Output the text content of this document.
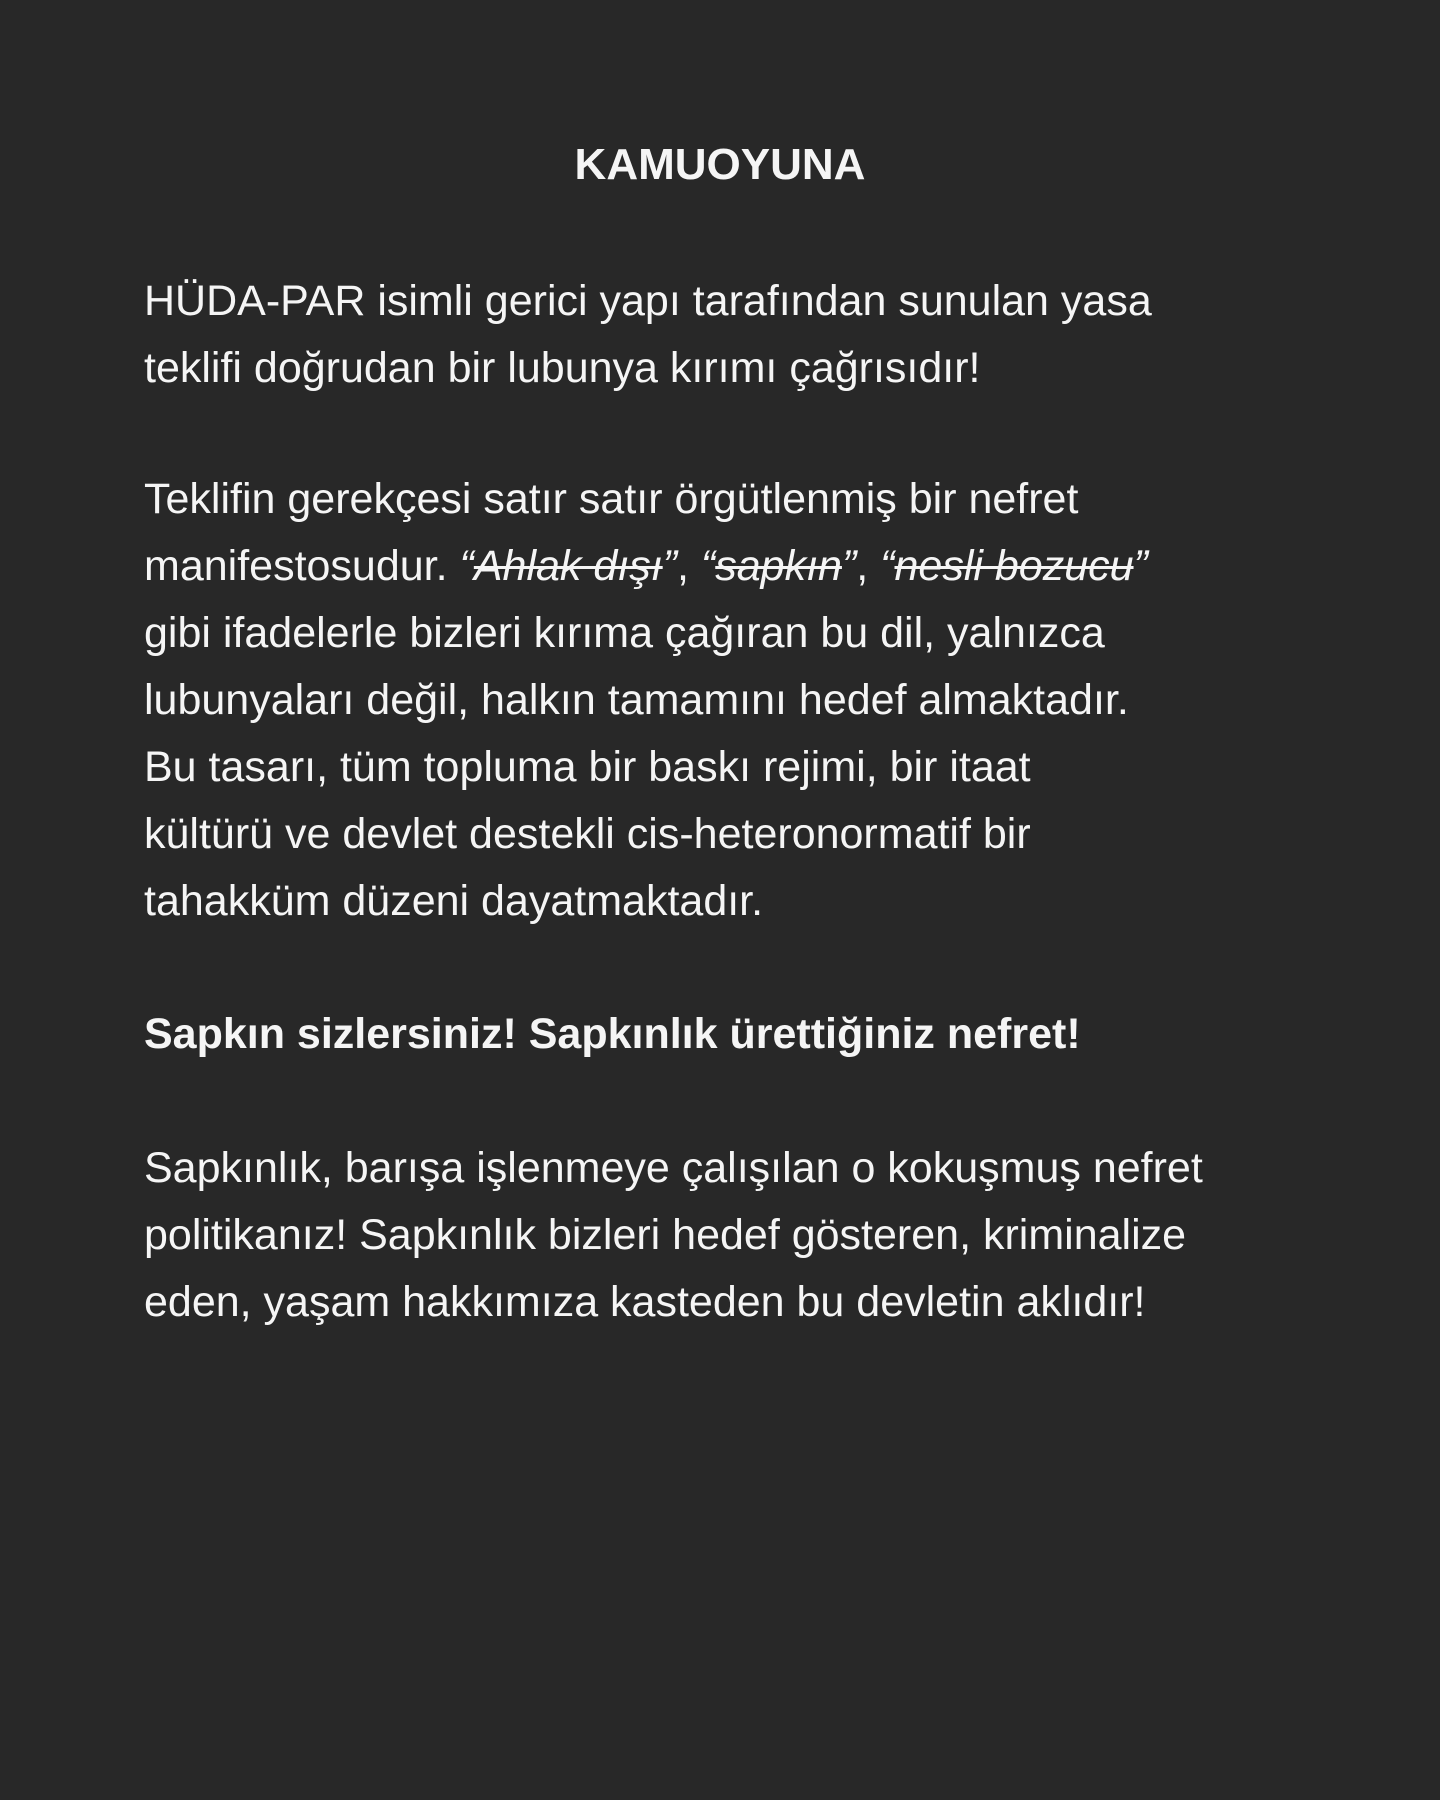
KAMUOYUNA

HÜDA-PAR isimli gerici yapı tarafından sunulan yasa
teklifi doğrudan bir lubunya kırımı çağrısıdır!

Teklifin gerekçesi satır satır örgütlenmiş bir nefret
manifestosudur. “Ahlak dışı”, “sapkın”, “nesli bozucu”
gibi ifadelerle bizleri kırıma çağıran bu dil, yalnızca
lubunyaları değil, halkın tamamını hedef almaktadır.
Bu tasarı, tüm topluma bir baskı rejimi, bir itaat
kültürü ve devlet destekli cis-heteronormatif bir
tahakküm düzeni dayatmaktadır.

Sapkın sizlersiniz! Sapkınlık ürettiğiniz nefret!

Sapkınlık, barışa işlenmeye çalışılan o kokuşmuş nefret
politikanız! Sapkınlık bizleri hedef gösteren, kriminalize
eden, yaşam hakkımıza kasteden bu devletin aklıdır!
